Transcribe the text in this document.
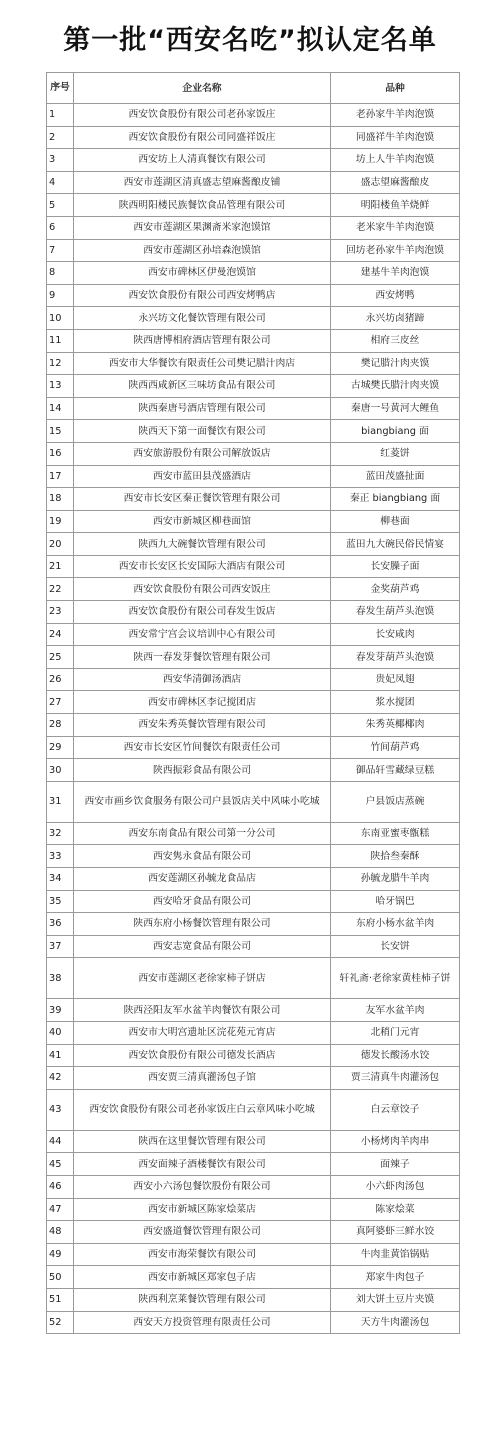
第一批“西安名吃”拟认定名单
序号	企业名称	品种
1	西安饮食股份有限公司老孙家饭庄	老孙家牛羊肉泡馍
2	西安饮食股份有限公司同盛祥饭庄	同盛祥牛羊肉泡馍
3	西安坊上人清真餐饮有限公司	坊上人牛羊肉泡馍
4	西安市莲湖区清真盛志望麻酱酿皮铺	盛志望麻酱酿皮
5	陕西明阳楼民族餐饮食品管理有限公司	明阳楼鱼羊烧鲜
6	西安市莲湖区果渊斋米家泡馍馆	老米家牛羊肉泡馍
7	西安市莲湖区孙培森泡馍馆	回坊老孙家牛羊肉泡馍
8	西安市碑林区伊曼泡馍馆	建基牛羊肉泡馍
9	西安饮食股份有限公司西安烤鸭店	西安烤鸭
10	永兴坊文化餐饮管理有限公司	永兴坊卤猪蹄
11	陕西唐博相府酒店管理有限公司	相府三皮丝
12	西安市大华餐饮有限责任公司樊记腊汁肉店	樊记腊汁肉夹馍
13	陕西西咸新区三味坊食品有限公司	古城樊氏腊汁肉夹馍
14	陕西秦唐号酒店管理有限公司	秦唐一号黄河大鲤鱼
15	陕西天下第一面餐饮有限公司	biangbiang 面
16	西安旅游股份有限公司解放饭店	红菱饼
17	西安市蓝田县茂盛酒店	蓝田茂盛扯面
18	西安市长安区秦正餐饮管理有限公司	秦正 biangbiang 面
19	西安市新城区柳巷面馆	柳巷面
20	陕西九大碗餐饮管理有限公司	蓝田九大碗民俗民情宴
21	西安市长安区长安国际大酒店有限公司	长安臊子面
22	西安饮食股份有限公司西安饭庄	金奖葫芦鸡
23	西安饮食股份有限公司春发生饭店	春发生葫芦头泡馍
24	西安常宁宫会议培训中心有限公司	长安咸肉
25	陕西一春发芽餐饮管理有限公司	春发芽葫芦头泡馍
26	西安华清御汤酒店	贵妃凤翅
27	西安市碑林区李记搅团店	浆水搅团
28	西安朱秀英餐饮管理有限公司	朱秀英椰椰肉
29	西安市长安区竹间餐饮有限责任公司	竹间葫芦鸡
30	陕西振彩食品有限公司	御品轩雪藏绿豆糕
31	西安市画乡饮食服务有限公司户县饭店关中风味小吃城	户县饭店蒸碗
32	西安东南食品有限公司第一分公司	东南亚蜜枣甑糕
33	西安隽永食品有限公司	陕拾叁秦酥
34	西安莲湖区孙毓龙食品店	孙毓龙腊牛羊肉
35	西安哈牙食品有限公司	哈牙锅巴
36	陕西东府小杨餐饮管理有限公司	东府小杨水盆羊肉
37	西安志宽食品有限公司	长安饼
38	西安市莲湖区老徐家柿子饼店	轩礼斋·老徐家黄桂柿子饼
39	陕西泾阳友军水盆羊肉餐饮有限公司	友军水盆羊肉
40	西安市大明宫遗址区浣花苑元宵店	北稍门元宵
41	西安饮食股份有限公司德发长酒店	德发长酸汤水饺
42	西安贾三清真灌汤包子馆	贾三清真牛肉灌汤包
43	西安饮食股份有限公司老孙家饭庄白云章风味小吃城	白云章饺子
44	陕西在这里餐饮管理有限公司	小杨烤肉羊肉串
45	西安面辣子酒楼餐饮有限公司	面辣子
46	西安小六汤包餐饮股份有限公司	小六虾肉汤包
47	西安市新城区陈家烩菜店	陈家烩菜
48	西安盛道餐饮管理有限公司	真阿婆虾三鲜水饺
49	西安市海荣餐饮有限公司	牛肉韭黄馅锅贴
50	西安市新城区郑家包子店	郑家牛肉包子
51	陕西利烹莱餐饮管理有限公司	刘大饼土豆片夹馍
52	西安天方投资管理有限责任公司	天方牛肉灌汤包
